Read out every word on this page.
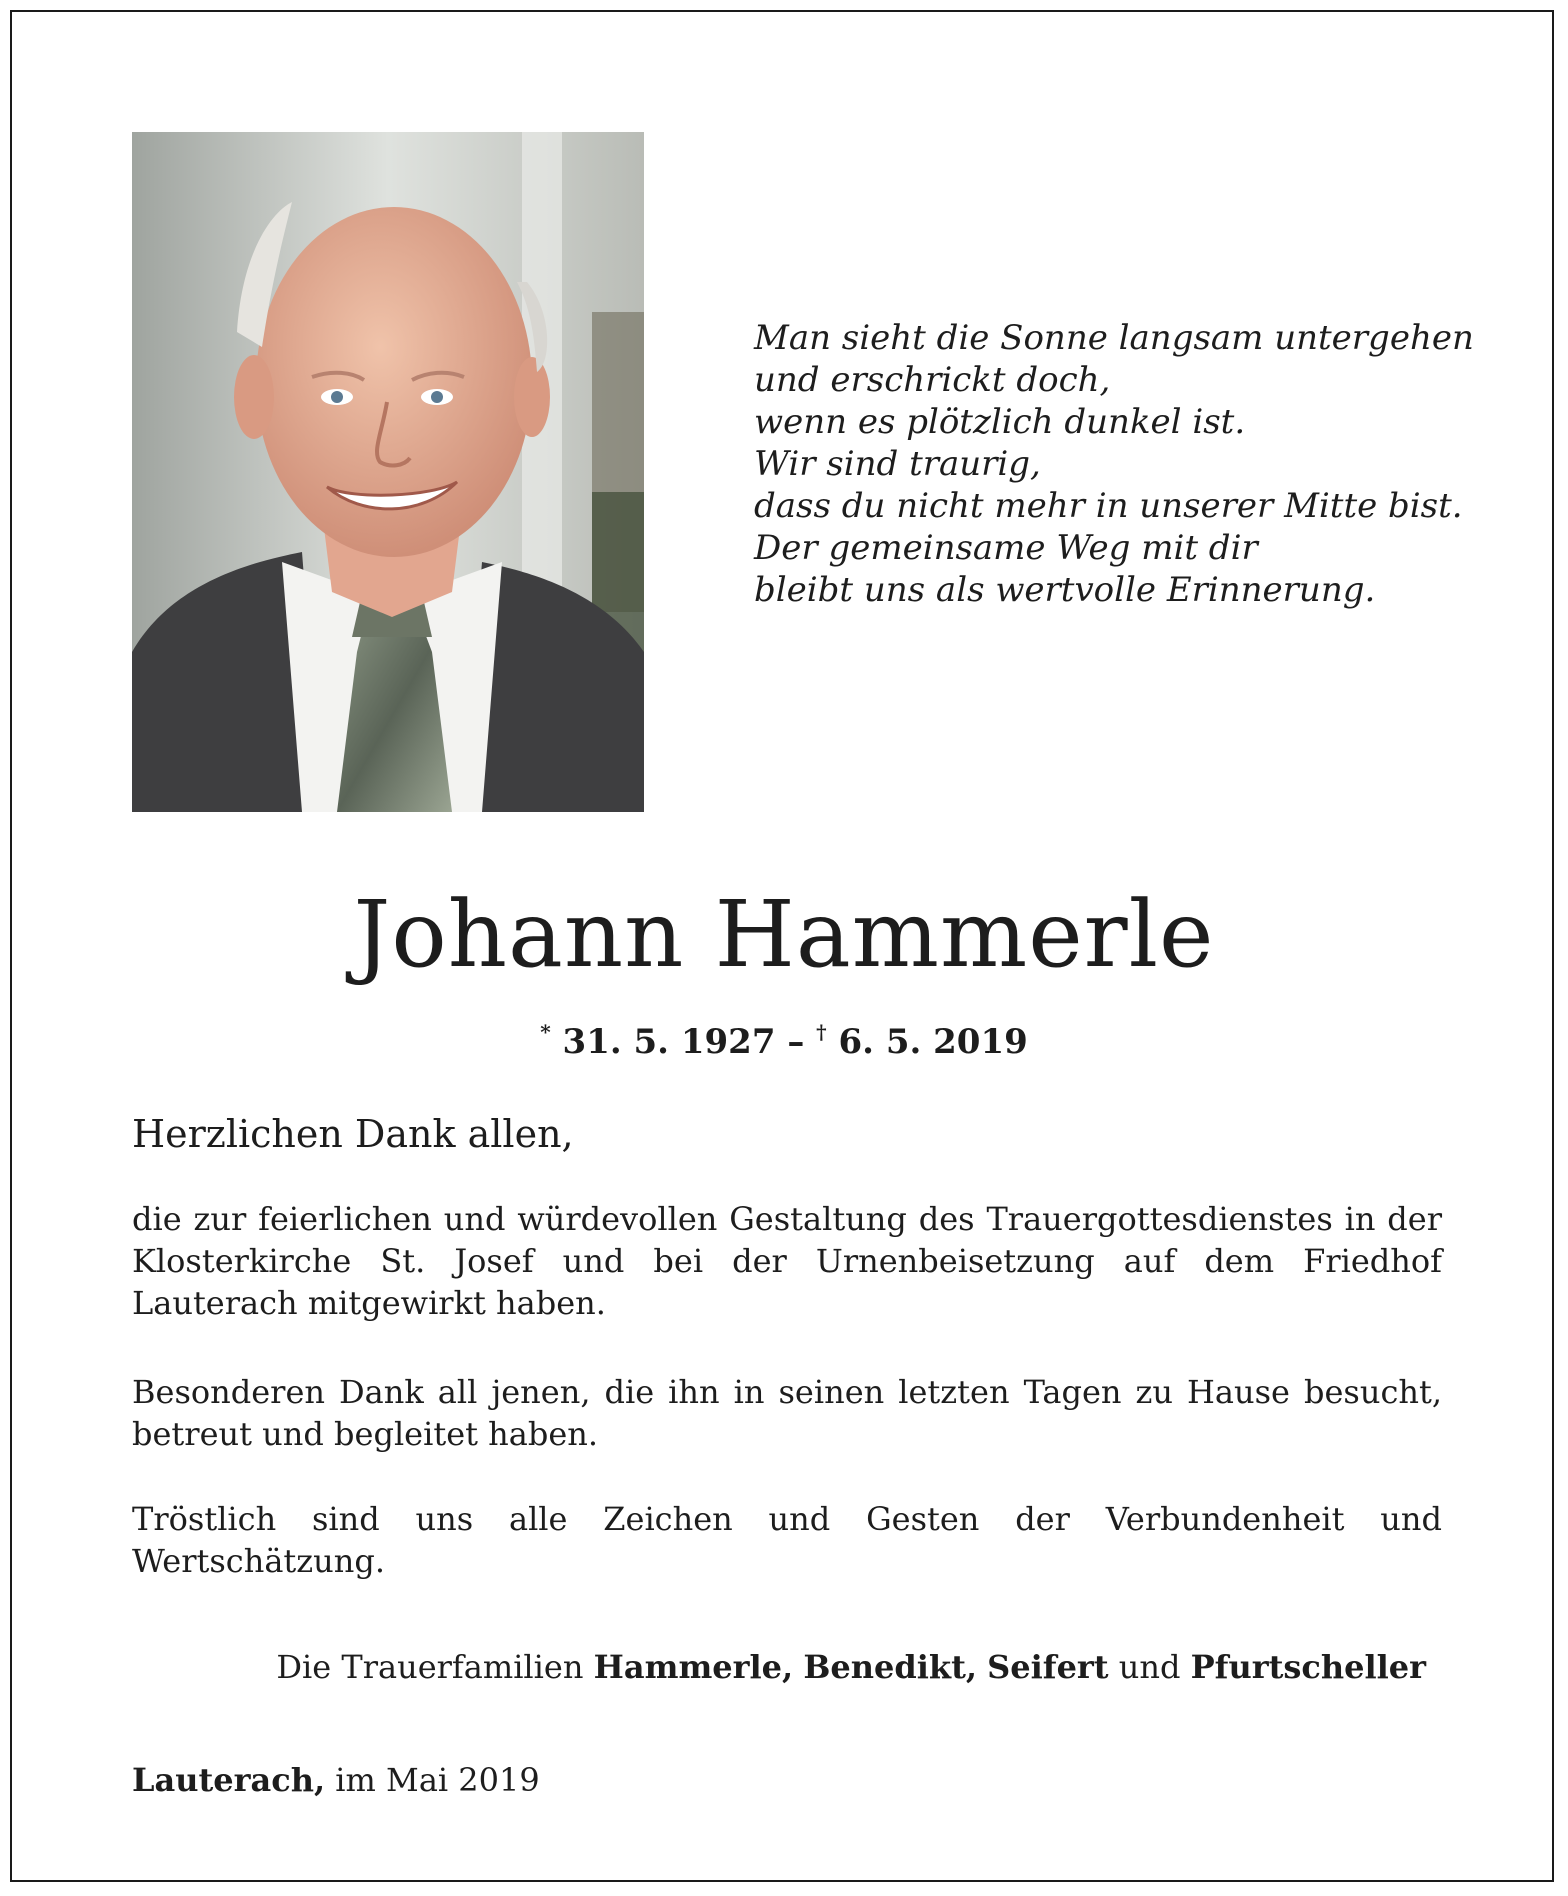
Man sieht die Sonne langsam untergehen
und erschrickt doch,
wenn es plötzlich dunkel ist.
Wir sind traurig,
dass du nicht mehr in unserer Mitte bist.
Der gemeinsame Weg mit dir
bleibt uns als wertvolle Erinnerung.
Johann Hammerle
* 31. 5. 1927 – † 6. 5. 2019
Herzlichen Dank allen,
die zur feierlichen und würdevollen Gestaltung des Trauergottesdienstes in der Klosterkirche St. Josef und bei der Urnenbeisetzung auf dem Friedhof Lauterach mitgewirkt haben.
Besonderen Dank all jenen, die ihn in seinen letzten Tagen zu Hause besucht, betreut und begleitet haben.
Tröstlich sind uns alle Zeichen und Gesten der Verbundenheit und Wertschätzung.
Die Trauerfamilien Hammerle, Benedikt, Seifert und Pfurtscheller
Lauterach, im Mai 2019
